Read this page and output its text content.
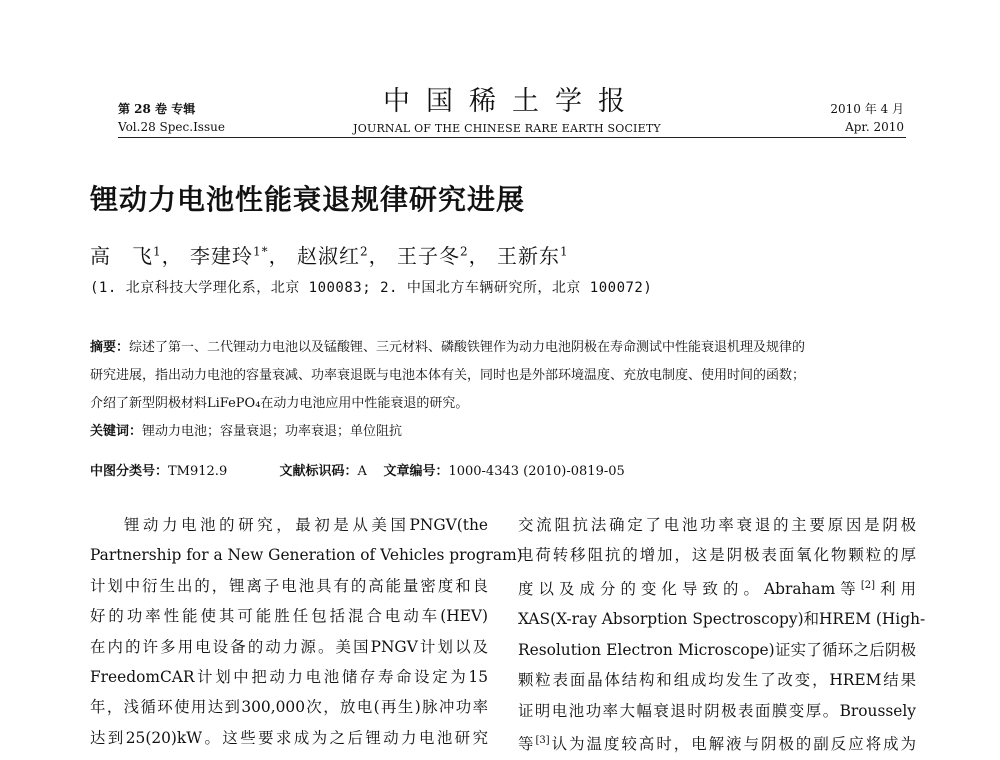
第 28 卷 专辑
Vol.28 Spec.Issue
中国稀土学报
JOURNAL OF THE CHINESE RARE EARTH SOCIETY
2010 年 4 月
Apr. 2010
锂动力电池性能衰退规律研究进展
高　飞$^1$， 李建玲$^{1*}$， 赵淑红$^2$， 王子冬$^2$， 王新东$^1$
(1. 北京科技大学理化系，北京 100083; 2. 中国北方车辆研究所，北京 100072)
摘要：综述了第一、二代锂动力电池以及锰酸锂、三元材料、磷酸铁锂作为动力电池阴极在寿命测试中性能衰退机理及规律的
研究进展，指出动力电池的容量衰减、功率衰退既与电池本体有关，同时也是外部环境温度、充放电制度、使用时间的函数；
介绍了新型阴极材料LiFePO₄在动力电池应用中性能衰退的研究。
关键词：锂动力电池；容量衰退；功率衰退；单位阻抗
中图分类号：TM912.9	文献标识码：A 文章编号：1000-4343 (2010)-0819-05
锂动力电池的研究，最初是从美国PNGV(the
Partnership for a New Generation of Vehicles program)
计划中衍生出的，锂离子电池具有的高能量密度和良
好的功率性能使其可能胜任包括混合电动车(HEV)
在内的许多用电设备的动力源。美国PNGV计划以及
FreedomCAR计划中把动力电池储存寿命设定为15
年，浅循环使用达到300,000次，放电(再生)脉冲功率
达到25(20)kW。这些要求成为之后锂动力电池研究
交流阻抗法确定了电池功率衰退的主要原因是阴极
电荷转移阻抗的增加，这是阴极表面氧化物颗粒的厚
度以及成分的变化导致的。Abraham等[2]利用
XAS(X-ray Absorption Spectroscopy)和HREM (High-
Resolution Electron Microscope)证实了循环之后阴极
颗粒表面晶体结构和组成均发生了改变，HREM结果
证明电池功率大幅衰退时阴极表面膜变厚。Broussely
等[3]认为温度较高时，电解液与阴极的副反应将成为
